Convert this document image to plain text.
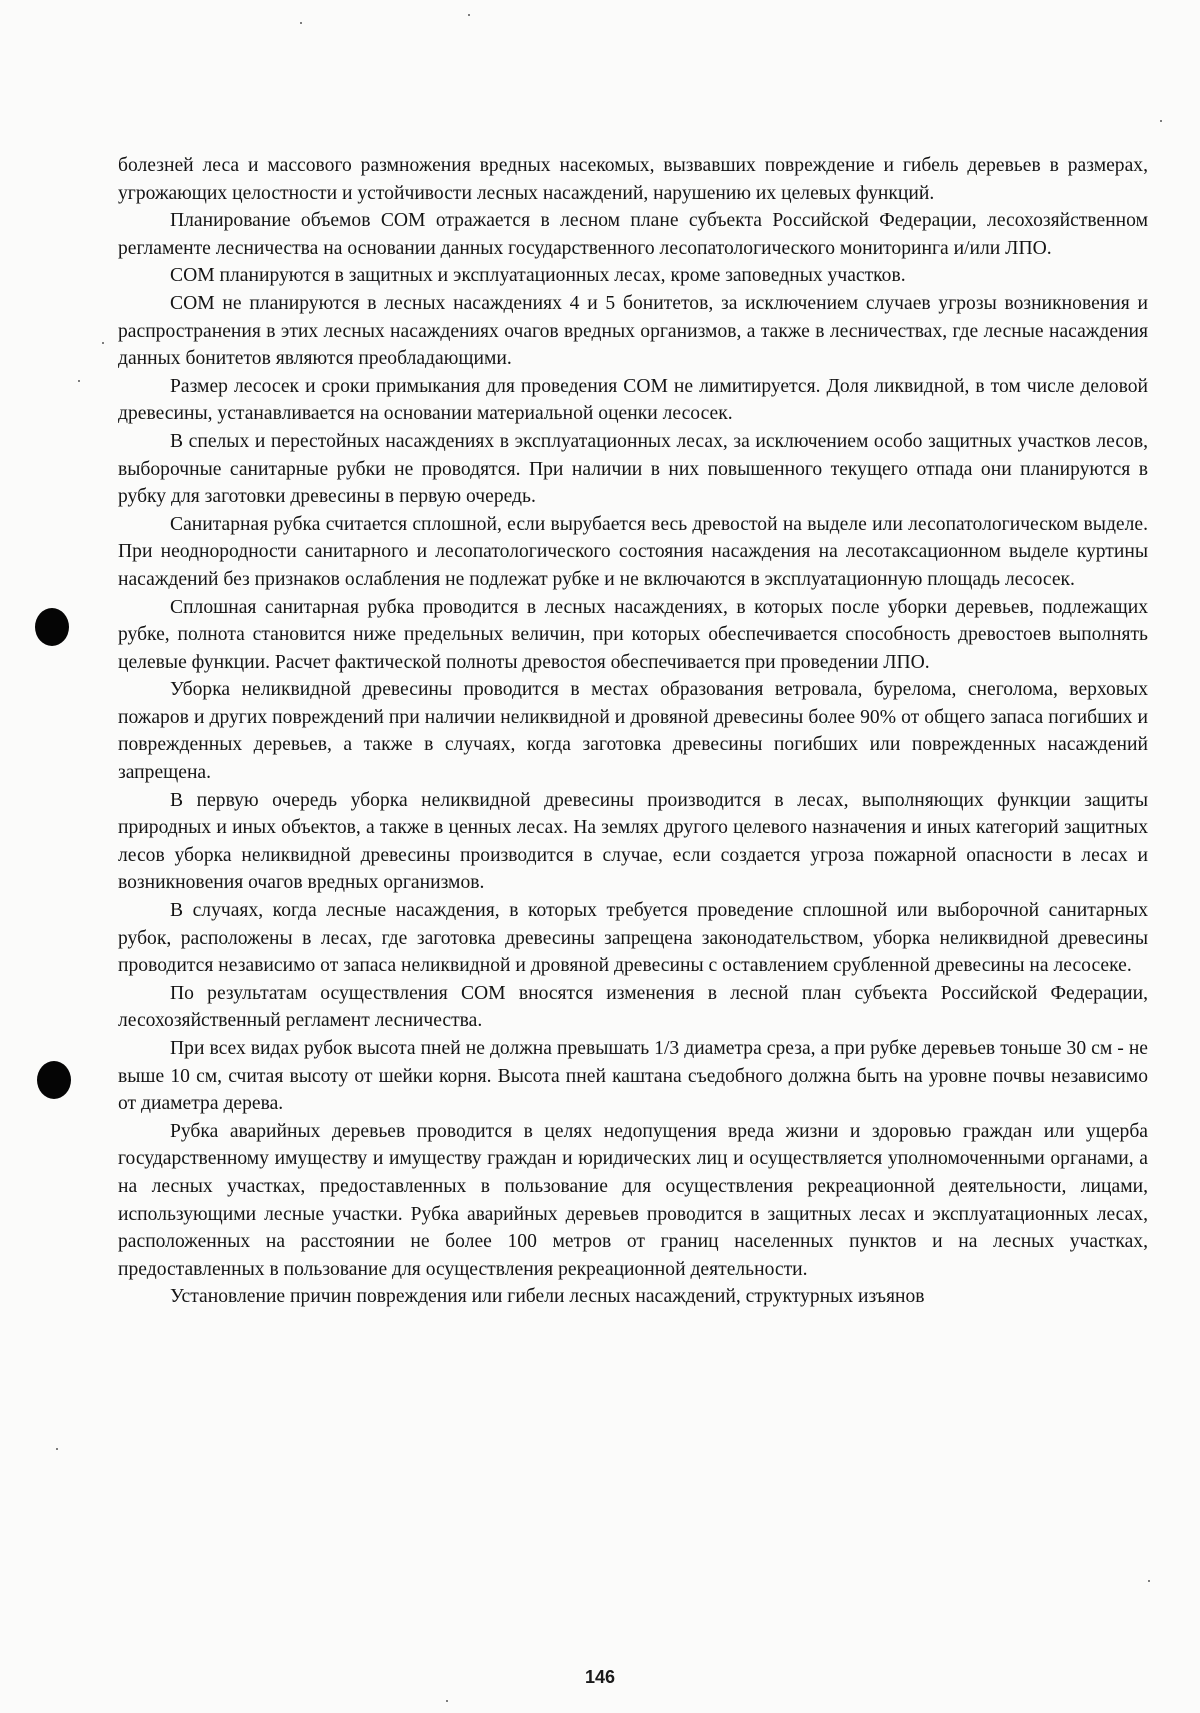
болезней леса и массового размножения вредных насекомых, вызвавших повреждение и гибель деревьев в размерах, угрожающих целостности и устойчивости лесных насаждений, нарушению их целевых функций.

Планирование объемов СОМ отражается в лесном плане субъекта Российской Федерации, лесохозяйственном регламенте лесничества на основании данных государственного лесопатологического мониторинга и/или ЛПО.

СОМ планируются в защитных и эксплуатационных лесах, кроме заповедных участков.

СОМ не планируются в лесных насаждениях 4 и 5 бонитетов, за исключением случаев угрозы возникновения и распространения в этих лесных насаждениях очагов вредных организмов, а также в лесничествах, где лесные насаждения данных бонитетов являются преобладающими.

Размер лесосек и сроки примыкания для проведения СОМ не лимитируется. Доля ликвидной, в том числе деловой древесины, устанавливается на основании материальной оценки лесосек.

В спелых и перестойных насаждениях в эксплуатационных лесах, за исключением особо защитных участков лесов, выборочные санитарные рубки не проводятся. При наличии в них повышенного текущего отпада они планируются в рубку для заготовки древесины в первую очередь.

Санитарная рубка считается сплошной, если вырубается весь древостой на выделе или лесопатологическом выделе. При неоднородности санитарного и лесопатологического состояния насаждения на лесотаксационном выделе куртины насаждений без признаков ослабления не подлежат рубке и не включаются в эксплуатационную площадь лесосек.

Сплошная санитарная рубка проводится в лесных насаждениях, в которых после уборки деревьев, подлежащих рубке, полнота становится ниже предельных величин, при которых обеспечивается способность древостоев выполнять целевые функции. Расчет фактической полноты древостоя обеспечивается при проведении ЛПО.

Уборка неликвидной древесины проводится в местах образования ветровала, бурелома, снеголома, верховых пожаров и других повреждений при наличии неликвидной и дровяной древесины более 90% от общего запаса погибших и поврежденных деревьев, а также в случаях, когда заготовка древесины погибших или поврежденных насаждений запрещена.

В первую очередь уборка неликвидной древесины производится в лесах, выполняющих функции защиты природных и иных объектов, а также в ценных лесах. На землях другого целевого назначения и иных категорий защитных лесов уборка неликвидной древесины производится в случае, если создается угроза пожарной опасности в лесах и возникновения очагов вредных организмов.

В случаях, когда лесные насаждения, в которых требуется проведение сплошной или выборочной санитарных рубок, расположены в лесах, где заготовка древесины запрещена законодательством, уборка неликвидной древесины проводится независимо от запаса неликвидной и дровяной древесины с оставлением срубленной древесины на лесосеке.

По результатам осуществления СОМ вносятся изменения в лесной план субъекта Российской Федерации, лесохозяйственный регламент лесничества.

При всех видах рубок высота пней не должна превышать 1/3 диаметра среза, а при рубке деревьев тоньше 30 см - не выше 10 см, считая высоту от шейки корня. Высота пней каштана съедобного должна быть на уровне почвы независимо от диаметра дерева.

Рубка аварийных деревьев проводится в целях недопущения вреда жизни и здоровью граждан или ущерба государственному имуществу и имуществу граждан и юридических лиц и осуществляется уполномоченными органами, а на лесных участках, предоставленных в пользование для осуществления рекреационной деятельности, лицами, использующими лесные участки. Рубка аварийных деревьев проводится в защитных лесах и эксплуатационных лесах, расположенных на расстоянии не более 100 метров от границ населенных пунктов и на лесных участках, предоставленных в пользование для осуществления рекреационной деятельности.

Установление причин повреждения или гибели лесных насаждений, структурных изъянов

146
